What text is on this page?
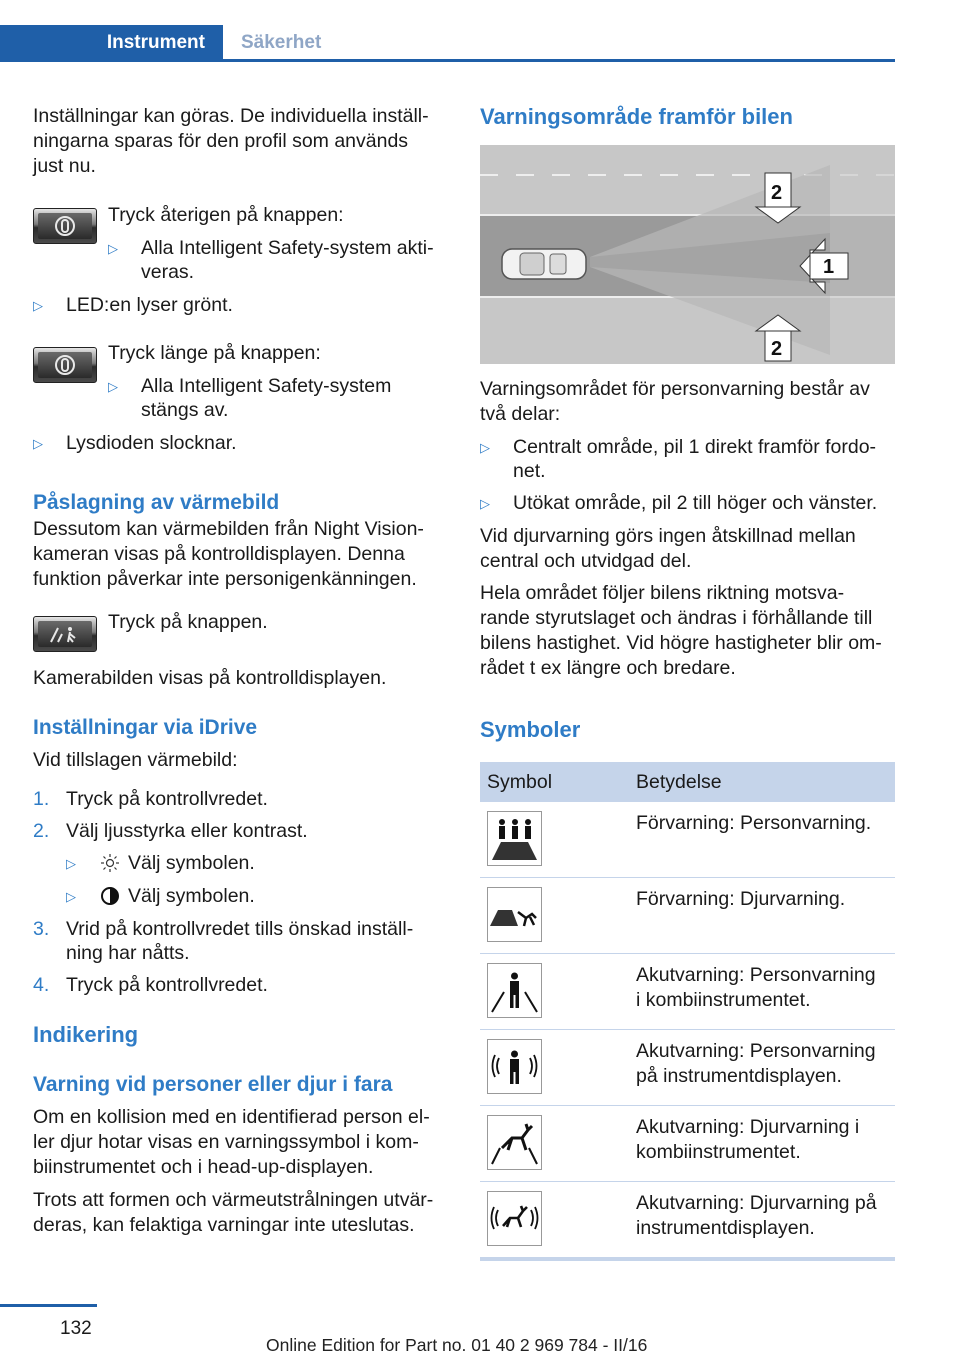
Instrument	Säkerhet

Inställningar kan göras. De individuella inställ-

ningarna sparas för den profil som används

just nu.

Tryck återigen på knappen:

▷ Alla Intelligent Safety-system akti-

veras.

▷ LED:en lyser grönt.

Tryck länge på knappen:

▷ Alla Intelligent Safety-system

stängs av.

▷ Lysdioden slocknar.

Påslagning av värmebild

Dessutom kan värmebilden från Night Vision-

kameran visas på kontrolldisplayen. Denna

funktion påverkar inte personigenkänningen.

Tryck på knappen.

Kamerabilden visas på kontrolldisplayen.

Inställningar via iDrive

Vid tillslagen värmebild:

1. Tryck på kontrollvredet.

2. Välj ljusstyrka eller kontrast.

▷	Välj symbolen.

▷	Välj symbolen.

3. Vrid på kontrollvredet tills önskad inställ-

ning har nåtts.

4. Tryck på kontrollvredet.

Indikering

Varning vid personer eller djur i fara

Om en kollision med en identifierad person el-

ler djur hotar visas en varningssymbol i kom-

biinstrumentet och i head-up-displayen.

Trots att formen och värmeutstrålningen utvär-

deras, kan felaktiga varningar inte uteslutas.

Varningsområde framför bilen

1
2
2

Varningsområdet för personvarning består av

två delar:

▷ Centralt område, pil 1 direkt framför fordo-

net.

▷ Utökat område, pil 2 till höger och vänster.

Vid djurvarning görs ingen åtskillnad mellan

central och utvidgad del.

Hela området följer bilens riktning motsva-

rande styrutslaget och ändras i förhållande till

bilens hastighet. Vid högre hastigheter blir om-

rådet t ex längre och bredare.

Symboler

Symbol	Betydelse

Förvarning: Personvarning.

Förvarning: Djurvarning.

Akutvarning: Personvarning

i kombiinstrumentet.

Akutvarning: Personvarning

på instrumentdisplayen.

Akutvarning: Djurvarning i

kombiinstrumentet.

Akutvarning: Djurvarning på

instrumentdisplayen.

132
Online Edition for Part no. 01 40 2 969 784 - II/16
